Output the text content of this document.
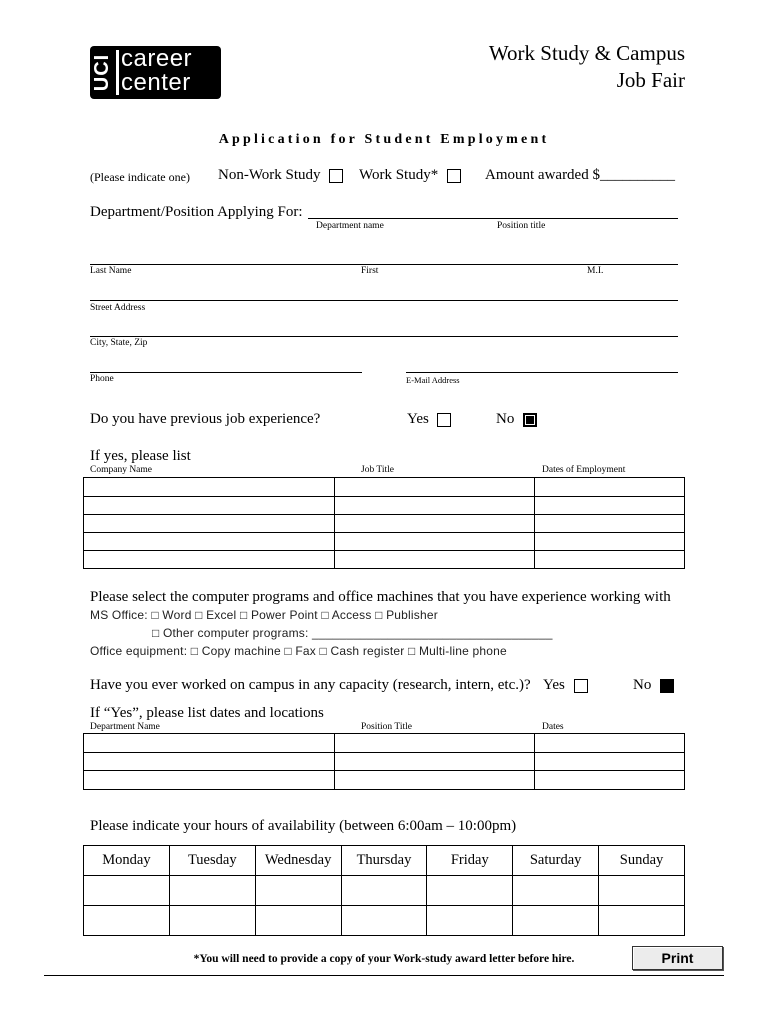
UCI career
center
Work Study & Campus
Job Fair
Application for Student Employment
(Please indicate one) Non-Work Study	Work Study*	Amount awarded $__________
Department/Position Applying For:
Department name	Position title
Last Name	First	M.I.
Street Address
City, State, Zip
Phone	E-Mail Address
Do you have previous job experience?	Yes	No
If yes, please list
Company Name	Job Title	Dates of Employment

Please select the computer programs and office machines that you have experience working with
MS Office: □ Word □ Excel □ Power Point □ Access □ Publisher
□ Other computer programs: ___________________________________
Office equipment: □ Copy machine □ Fax □ Cash register □ Multi-line phone
Have you ever worked on campus in any capacity (research, intern, etc.)? Yes	No
If “Yes”, please list dates and locations
Department Name	Position Title	Dates

Please indicate your hours of availability (between 6:00am – 10:00pm)
Monday	Tuesday	Wednesday	Thursday	Friday	Saturday	Sunday

*You will need to provide a copy of your Work-study award letter before hire.	Print
